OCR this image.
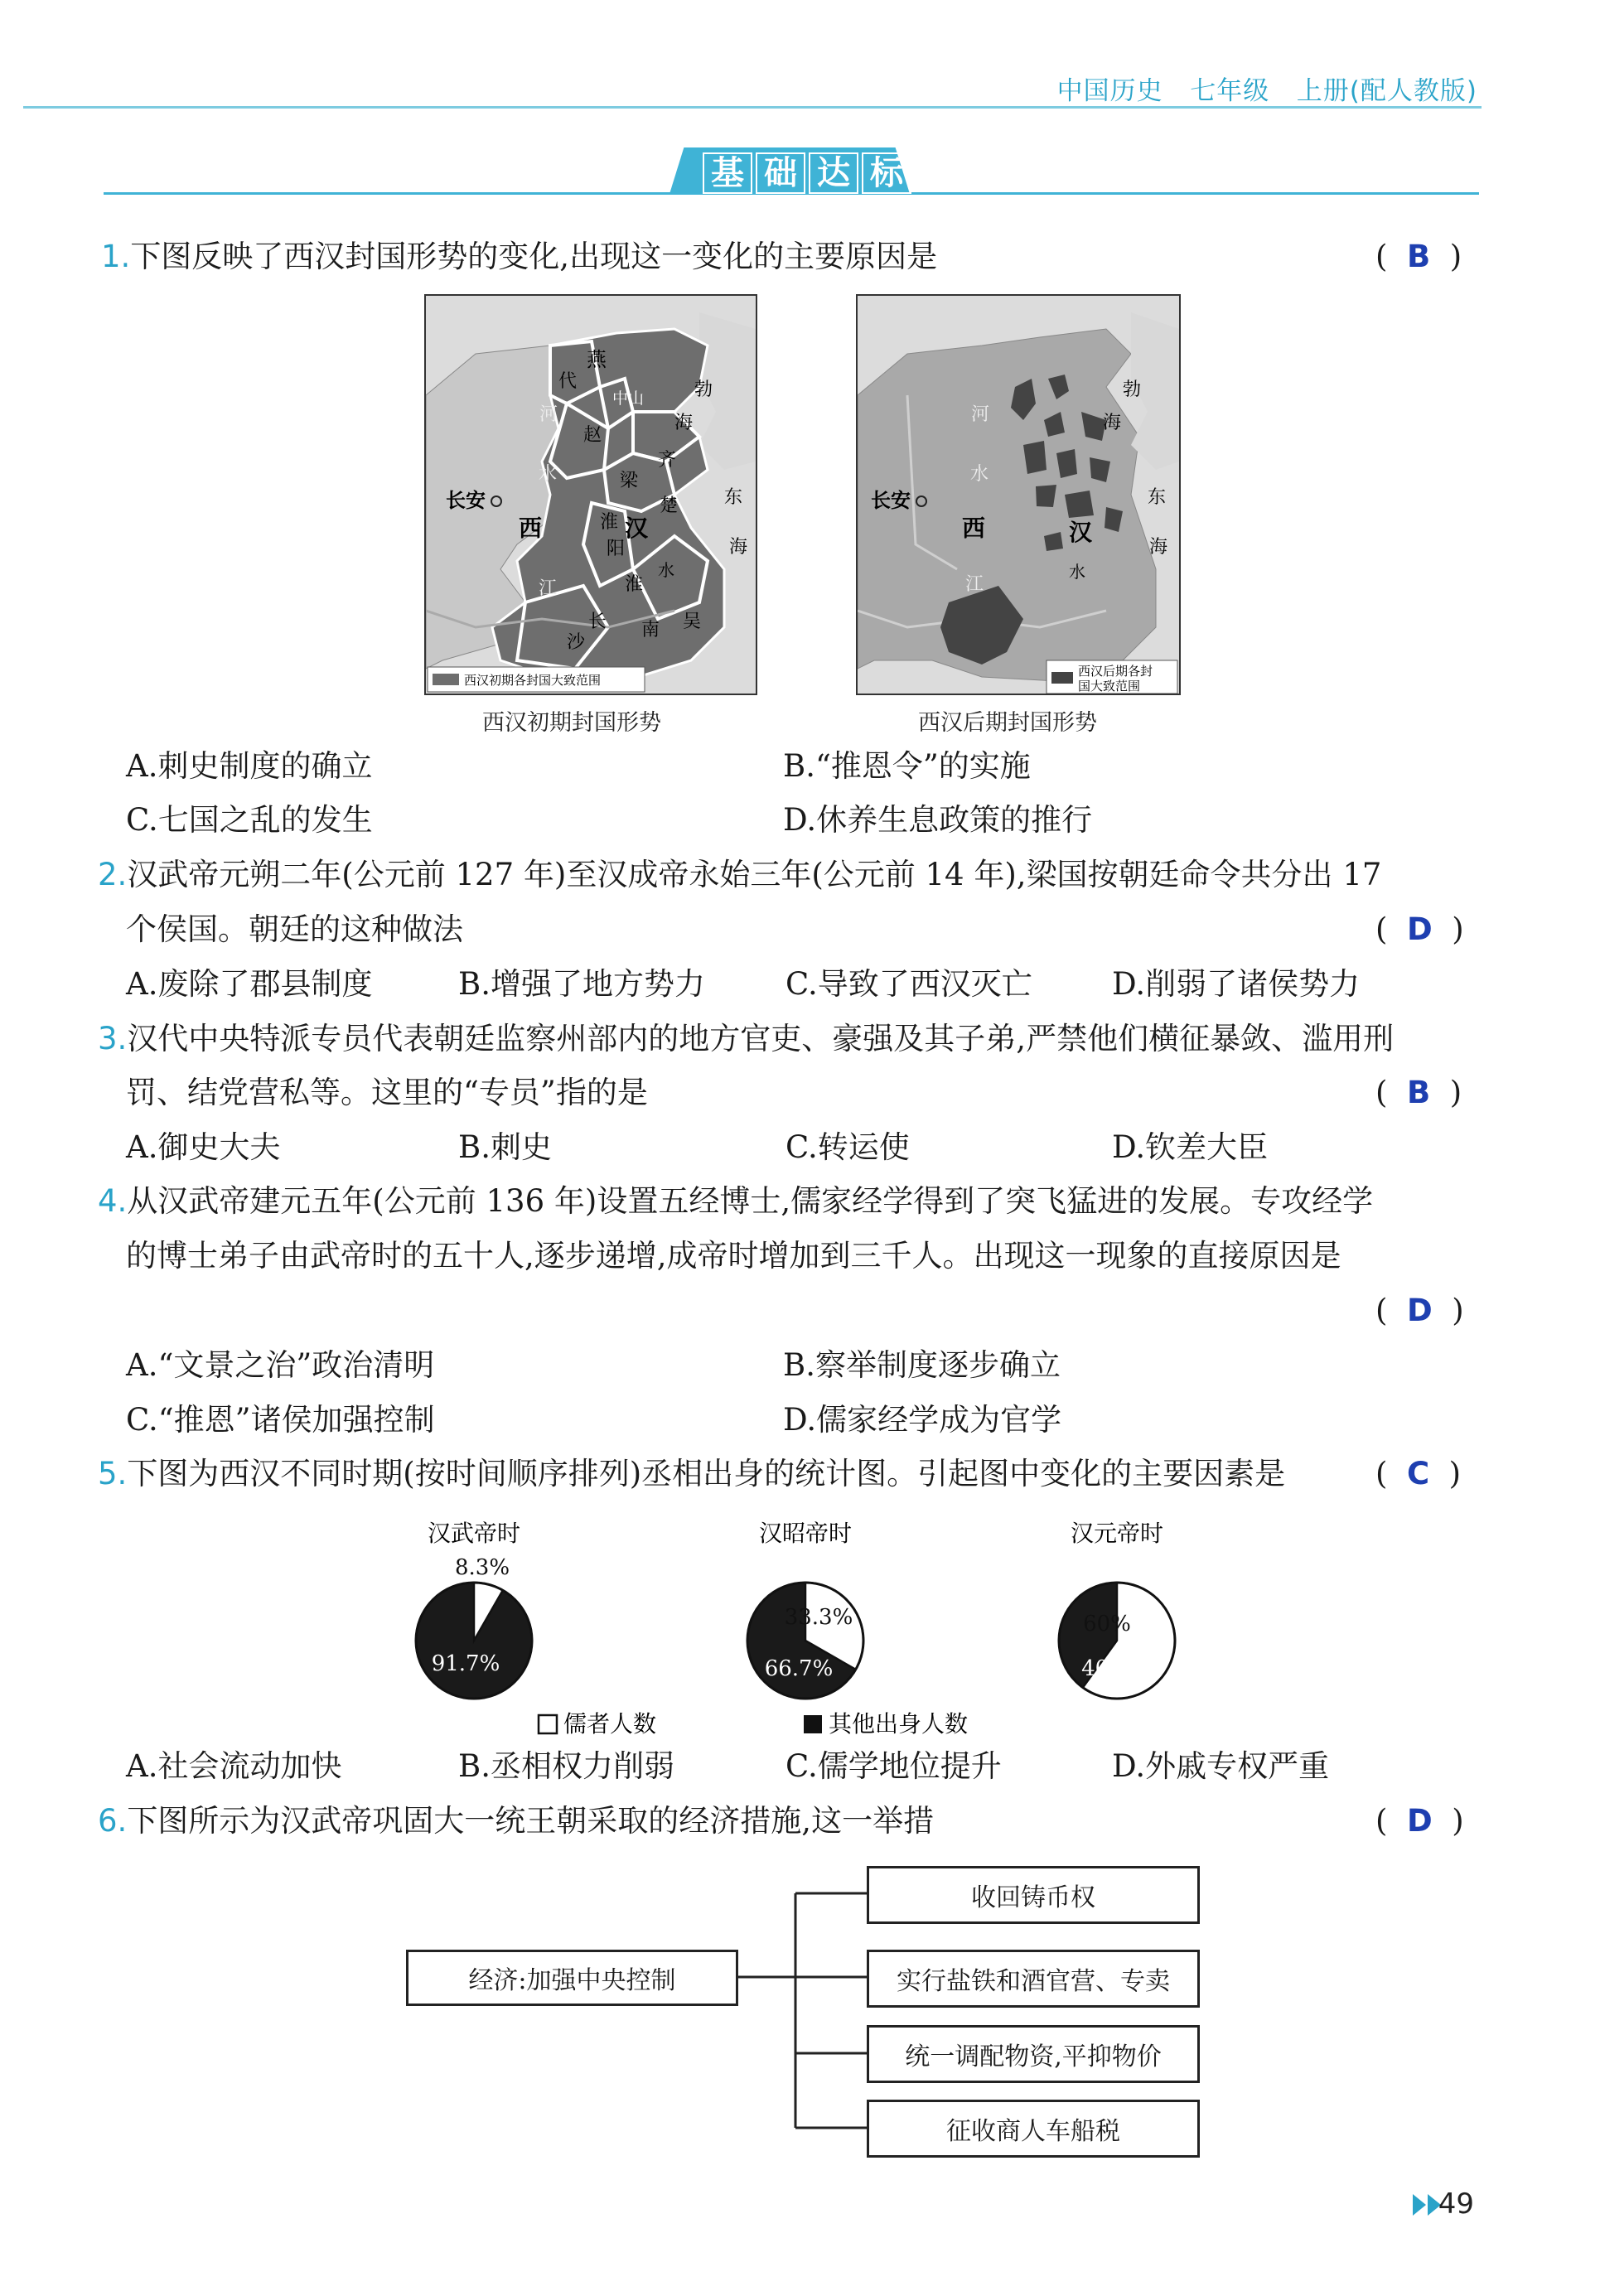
中国历史 七年级 上册(配人教版)
基 础 达 标
1.下图反映了西汉封国形势的变化,出现这一变化的主要原因是	(  B  )
燕
代
中山	勃
河
赵
海
齐
水	梁
长安	楚	东
西	淮 汉
阳
淮
海
江
吴
水
长 南
沙
西汉初期各封国大致范围
西汉初期封国形势
勃
河	海
水
长安	东
西	汉
海
江
水
西汉后期各封
国大致范围
西汉后期封国形势
A.刺史制度的确立	B.“推恩令”的实施
C.七国之乱的发生	D.休养生息政策的推行
2.汉武帝元朔二年(公元前 127 年)至汉成帝永始三年(公元前 14 年),梁国按朝廷命令共分出 17
个侯国。朝廷的这种做法	(  D  )
A.废除了郡县制度	B.增强了地方势力	C.导致了西汉灭亡	D.削弱了诸侯势力
3.汉代中央特派专员代表朝廷监察州部内的地方官吏、豪强及其子弟,严禁他们横征暴敛、滥用刑
罚、结党营私等。这里的“专员”指的是	(  B  )
A.御史大夫	B.刺史	C.转运使	D.钦差大臣
4.从汉武帝建元五年(公元前 136 年)设置五经博士,儒家经学得到了突飞猛进的发展。专攻经学
的博士弟子由武帝时的五十人,逐步递增,成帝时增加到三千人。出现这一现象的直接原因是
(  D  )
A.“文景之治”政治清明	B.察举制度逐步确立
C.“推恩”诸侯加强控制	D.儒家经学成为官学
5.下图为西汉不同时期(按时间顺序排列)丞相出身的统计图。引起图中变化的主要因素是	(  C  )
汉武帝时
8.3%
91.7%
汉昭帝时
33.3%
66.7%
汉元帝时
60%
40%
儒者人数	其他出身人数
A.社会流动加快	B.丞相权力削弱	C.儒学地位提升	D.外戚专权严重
6.下图所示为汉武帝巩固大一统王朝采取的经济措施,这一举措	(  D  )
经济:加强中央控制
收回铸币权
实行盐铁和酒官营、专卖
统一调配物资,平抑物价
征收商人车船税
49
